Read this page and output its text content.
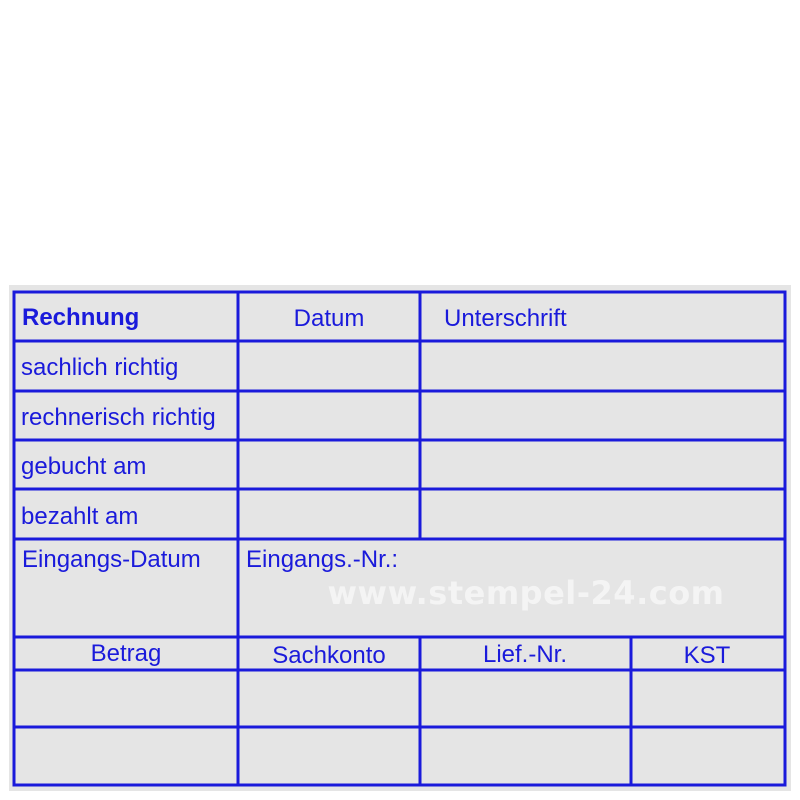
www.stempel-24.com
Rechnung	Datum	Unterschrift
sachlich richtig
rechnerisch richtig
gebucht am
bezahlt am
Eingangs-Datum Eingangs.-Nr.:
Betrag	Sachkonto	Lief.-Nr.	KST
